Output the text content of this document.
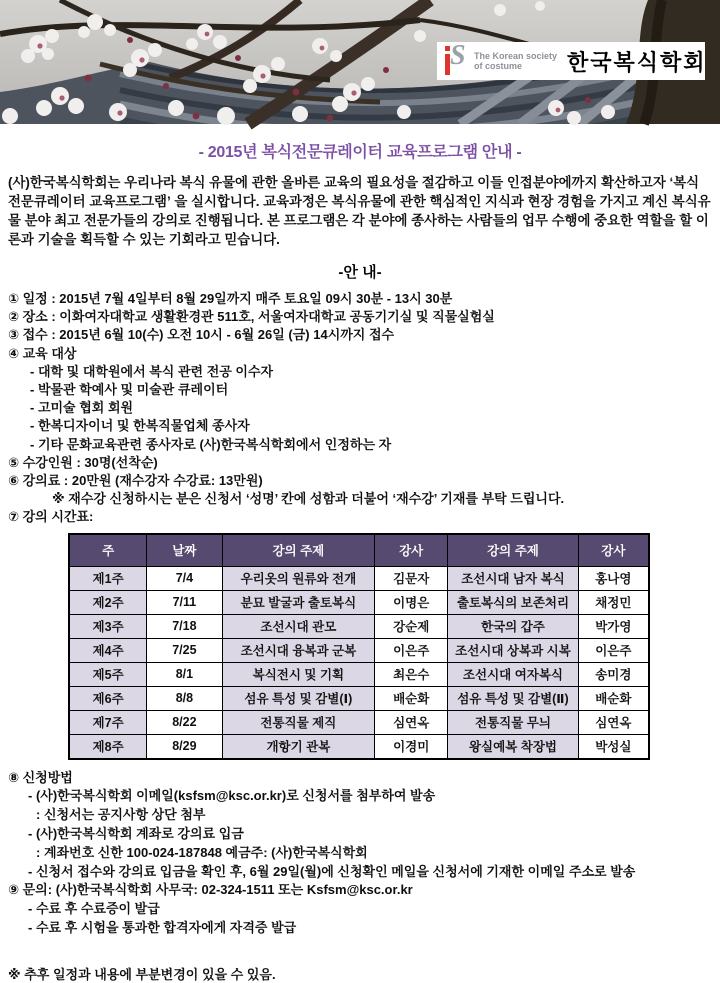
S The Korean society
of costume	한국복식학회
- 2015년 복식전문큐레이터 교육프로그램 안내 -
(사)한국복식학회는 우리나라 복식 유물에 관한 올바른 교육의 필요성을 절감하고 이들 인접분야에까지 확산하고자 ‘복식전문큐레이터 교육프로그램’ 을 실시합니다. 교육과정은 복식유물에 관한 핵심적인 지식과 현장 경험을 가지고 계신 복식유물 분야 최고 전문가들의 강의로 진행됩니다. 본 프로그램은 각 분야에 종사하는 사람들의 업무 수행에 중요한 역할을 할 이론과 기술을 획득할 수 있는 기회라고 믿습니다.
-안 내-
① 일정 : 2015년 7월 4일부터 8월 29일까지 매주 토요일 09시 30분 - 13시 30분
② 장소 : 이화여자대학교 생활환경관 511호, 서울여자대학교 공동기기실 및 직물실험실
③ 접수 : 2015년 6월 10(수) 오전 10시 - 6월 26일 (금) 14시까지 접수
④ 교육 대상
- 대학 및 대학원에서 복식 관련 전공 이수자
- 박물관 학예사 및 미술관 큐레이터
- 고미술 협회 회원
- 한복디자이너 및 한복직물업체 종사자
- 기타 문화교육관련 종사자로 (사)한국복식학회에서 인정하는 자
⑤ 수강인원 : 30명(선착순)
⑥ 강의료 : 20만원 (재수강자 수강료: 13만원)
※ 재수강 신청하시는 분은 신청서 ‘성명’ 칸에 성함과 더불어 ‘재수강’ 기재를 부탁 드립니다.
⑦ 강의 시간표:
주	날짜	강의 주제	강사	강의 주제	강사
제1주	7/4	우리옷의 원류와 전개	김문자	조선시대 남자 복식	홍나영
제2주	7/11	분묘 발굴과 출토복식	이명은	출토복식의 보존처리	채정민
제3주	7/18	조선시대 관모	강순제	한국의 갑주	박가영
제4주	7/25	조선시대 융복과 군복	이은주	조선시대 상복과 시복	이은주
제5주	8/1	복식전시 및 기획	최은수	조선시대 여자복식	송미경
제6주	8/8	섬유 특성 및 감별(Ⅰ)	배순화	섬유 특성 및 감별(Ⅱ)	배순화
제7주	8/22	전통직물 제직	심연옥	전통직물 무늬	심연옥
제8주	8/29	개항기 관복	이경미	왕실예복 착장법	박성실
⑧ 신청방법
- (사)한국복식학회 이메일(ksfsm@ksc.or.kr)로 신청서를 첨부하여 발송
: 신청서는 공지사항 상단 첨부
- (사)한국복식학회 계좌로 강의료 입금
: 계좌번호 신한 100-024-187848 예금주: (사)한국복식학회
- 신청서 접수와 강의료 입금을 확인 후, 6월 29일(월)에 신청확인 메일을 신청서에 기재한 이메일 주소로 발송
⑨ 문의: (사)한국복식학회 사무국: 02-324-1511 또는 Ksfsm@ksc.or.kr
- 수료 후 수료증이 발급
- 수료 후 시험을 통과한 합격자에게 자격증 발급
※ 추후 일정과 내용에 부분변경이 있을 수 있음.
